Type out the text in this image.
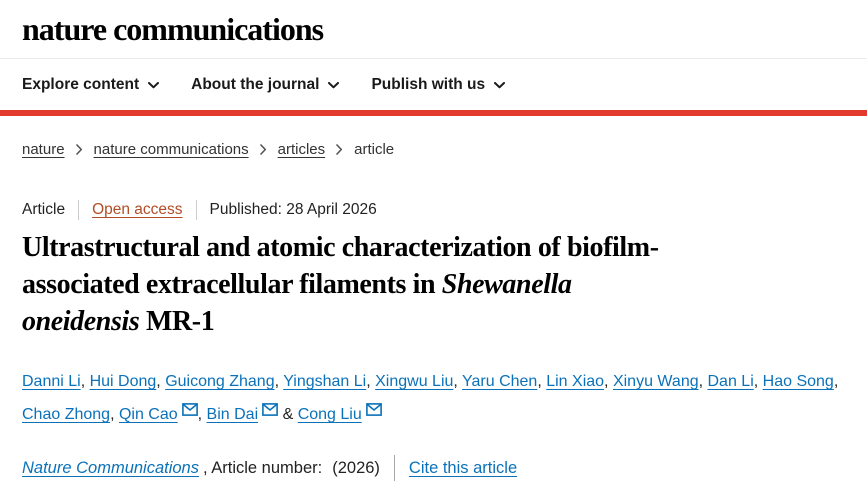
nature communications
Explore content	About the journal	Publish with us
nature nature communications articles article
Article Open access Published: 28 April 2026
Ultrastructural and atomic characterization of biofilm-
associated extracellular filaments in Shewanella
oneidensis MR-1

Danni Li, Hui Dong, Guicong Zhang, Yingshan Li, Xingwu Liu, Yaru Chen, Lin Xiao, Xinyu Wang, Dan Li, Hao Song, Chao Zhong, Qin Cao , Bin Dai & Cong Liu

Nature Communications , Article number: (2026) Cite this article
